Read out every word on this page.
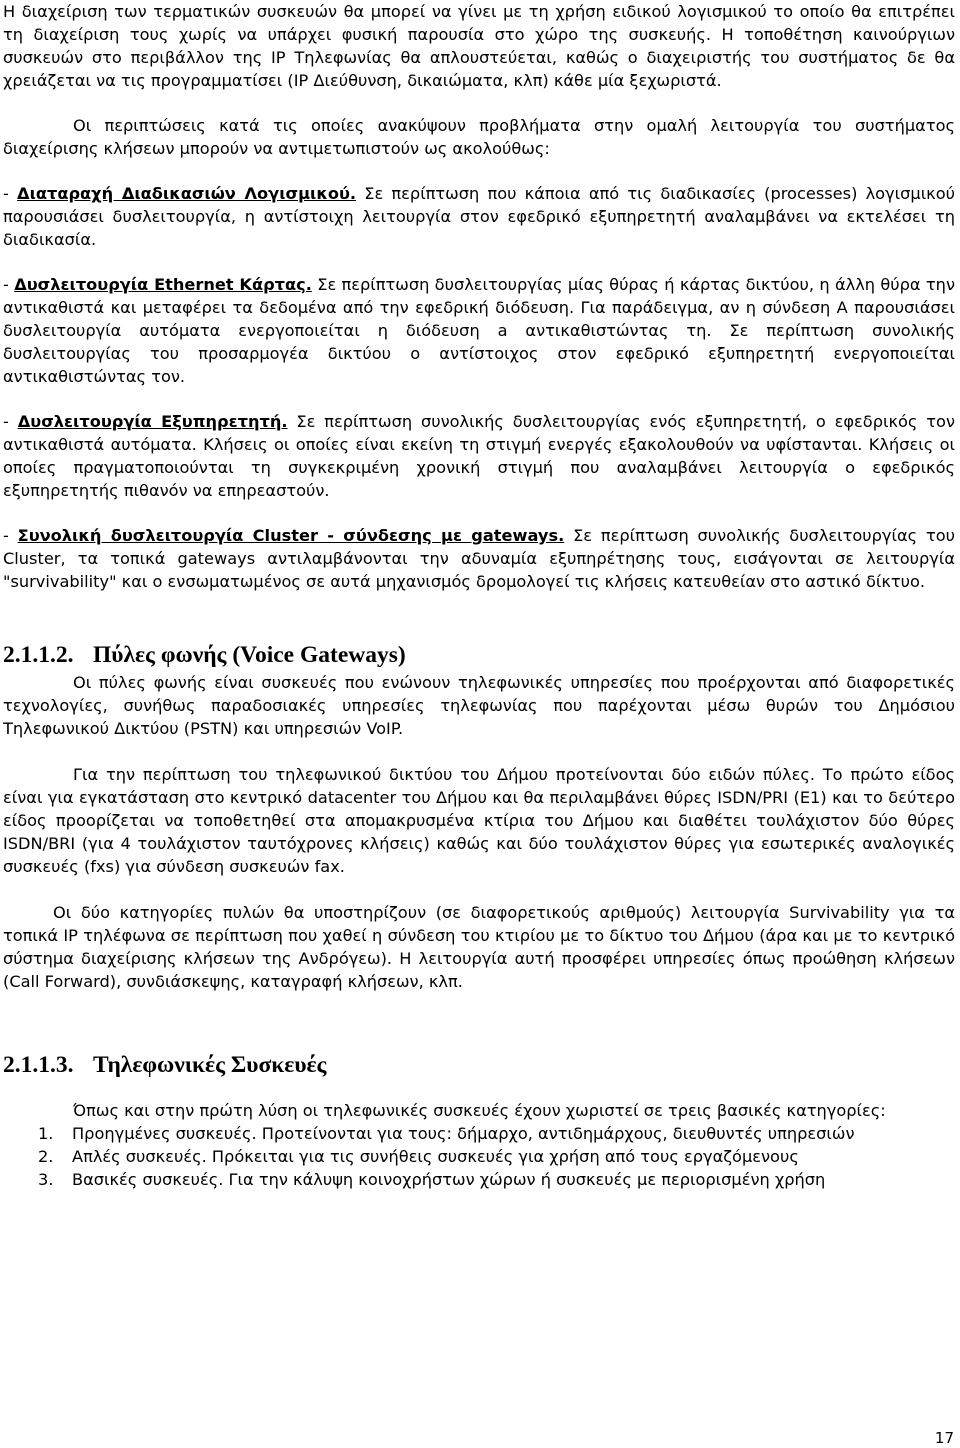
Η διαχείριση των τερματικών συσκευών θα μπορεί να γίνει με τη χρήση ειδικού λογισμικού το οποίο θα επιτρέπει τη διαχείριση τους χωρίς να υπάρχει φυσική παρουσία στο χώρο της συσκευής. Η τοποθέτηση καινούργιων συσκευών στο περιβάλλον της IP Τηλεφωνίας θα απλουστεύεται, καθώς ο διαχειριστής του συστήματος δε θα χρειάζεται να τις προγραμματίσει (IP Διεύθυνση, δικαιώματα, κλπ) κάθε μία ξεχωριστά.

Οι περιπτώσεις κατά τις οποίες ανακύψουν προβλήματα στην ομαλή λειτουργία του συστήματος διαχείρισης κλήσεων μπορούν να αντιμετωπιστούν ως ακολούθως:

- Διαταραχή Διαδικασιών Λογισμικού. Σε περίπτωση που κάποια από τις διαδικασίες (processes) λογισμικού παρουσιάσει δυσλειτουργία, η αντίστοιχη λειτουργία στον εφεδρικό εξυπηρετητή αναλαμβάνει να εκτελέσει τη διαδικασία.

- Δυσλειτουργία Ethernet Κάρτας. Σε περίπτωση δυσλειτουργίας μίας θύρας ή κάρτας δικτύου, η άλλη θύρα την αντικαθιστά και μεταφέρει τα δεδομένα από την εφεδρική διόδευση. Για παράδειγμα, αν η σύνδεση Α παρουσιάσει δυσλειτουργία αυτόματα ενεργοποιείται η διόδευση a αντικαθιστώντας τη. Σε περίπτωση συνολικής δυσλειτουργίας του προσαρμογέα δικτύου ο αντίστοιχος στον εφεδρικό εξυπηρετητή ενεργοποιείται αντικαθιστώντας τον.

- Δυσλειτουργία Εξυπηρετητή. Σε περίπτωση συνολικής δυσλειτουργίας ενός εξυπηρετητή, ο εφεδρικός τον αντικαθιστά αυτόματα. Κλήσεις οι οποίες είναι εκείνη τη στιγμή ενεργές εξακολουθούν να υφίστανται. Κλήσεις οι οποίες πραγματοποιούνται τη συγκεκριμένη χρονική στιγμή που αναλαμβάνει λειτουργία ο εφεδρικός εξυπηρετητής πιθανόν να επηρεαστούν.

- Συνολική δυσλειτουργία Cluster - σύνδεσης με gateways. Σε περίπτωση συνολικής δυσλειτουργίας του Cluster, τα τοπικά gateways αντιλαμβάνονται την αδυναμία εξυπηρέτησης τους, εισάγονται σε λειτουργία "survivability" και ο ενσωματωμένος σε αυτά μηχανισμός δρομολογεί τις κλήσεις κατευθείαν στο αστικό δίκτυο.

2.1.1.2. Πύλες φωνής (Voice Gateways)

Οι πύλες φωνής είναι συσκευές που ενώνουν τηλεφωνικές υπηρεσίες που προέρχονται από διαφορετικές τεχνολογίες, συνήθως παραδοσιακές υπηρεσίες τηλεφωνίας που παρέχονται μέσω θυρών του Δημόσιου Τηλεφωνικού Δικτύου (PSTN) και υπηρεσιών VoIP.

Για την περίπτωση του τηλεφωνικού δικτύου του Δήμου προτείνονται δύο ειδών πύλες. Το πρώτο είδος είναι για εγκατάσταση στο κεντρικό datacenter του Δήμου και θα περιλαμβάνει θύρες ISDN/PRI (E1) και το δεύτερο είδος προορίζεται να τοποθετηθεί στα απομακρυσμένα κτίρια του Δήμου και διαθέτει τουλάχιστον δύο θύρες ISDN/BRI (για 4 τουλάχιστον ταυτόχρονες κλήσεις) καθώς και δύο τουλάχιστον θύρες για εσωτερικές αναλογικές συσκευές (fxs) για σύνδεση συσκευών fax.

Οι δύο κατηγορίες πυλών θα υποστηρίζουν (σε διαφορετικούς αριθμούς) λειτουργία Survivability για τα τοπικά IP τηλέφωνα σε περίπτωση που χαθεί η σύνδεση του κτιρίου με το δίκτυο του Δήμου (άρα και με το κεντρικό σύστημα διαχείρισης κλήσεων της Ανδρόγεω). Η λειτουργία αυτή προσφέρει υπηρεσίες όπως προώθηση κλήσεων (Call Forward), συνδιάσκεψης, καταγραφή κλήσεων, κλπ.

2.1.1.3. Τηλεφωνικές Συσκευές

Όπως και στην πρώτη λύση οι τηλεφωνικές συσκευές έχουν χωριστεί σε τρεις βασικές κατηγορίες:

1.	Προηγμένες συσκευές. Προτείνονται για τους: δήμαρχο, αντιδημάρχους, διευθυντές υπηρεσιών
2.	Απλές συσκευές. Πρόκειται για τις συνήθεις συσκευές για χρήση από τους εργαζόμενους
3.	Βασικές συσκευές. Για την κάλυψη κοινοχρήστων χώρων ή συσκευές με περιορισμένη χρήση
17
